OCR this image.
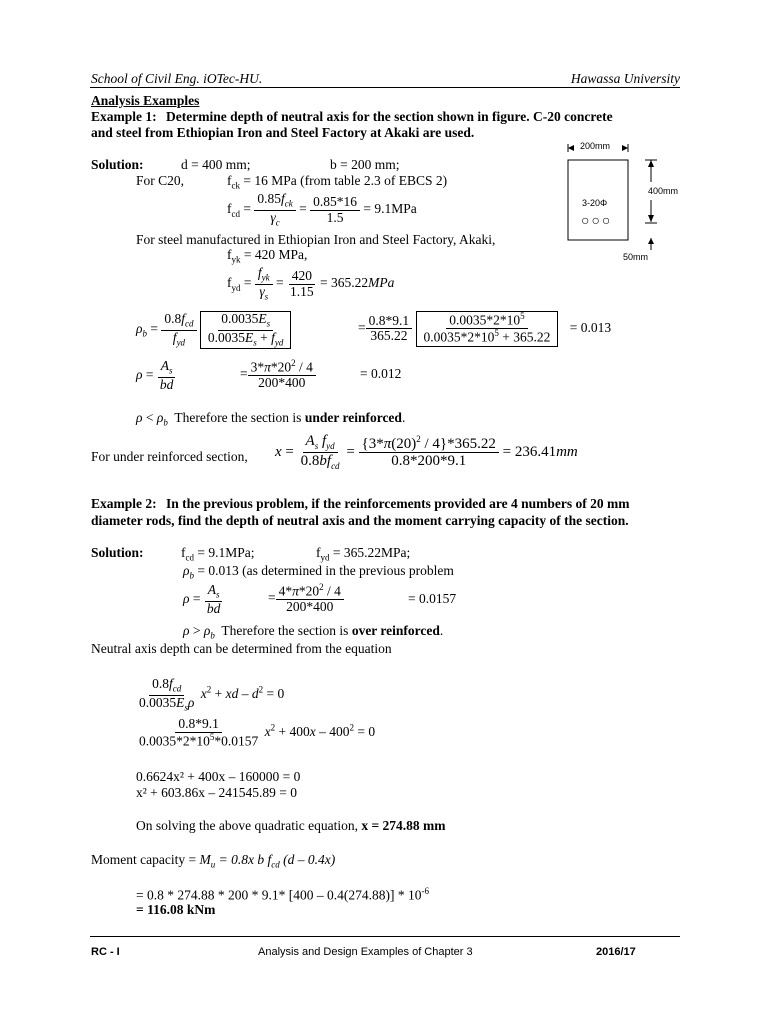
School of Civil Eng. iOTec-HU.	Hawassa University
Analysis Examples
Example 1: Determine depth of neutral axis for the section shown in figure. C-20 concrete
and steel from Ethiopian Iron and Steel Factory at Akaki are used.
200mm
400mm
3-20Φ
○○○
50mm
Solution:	d = 400 mm;	b = 200 mm;
For C20,	$f_{ck} = 16$ MPa (from table 2.3 of EBCS 2)
$f_{cd} = \frac{0.85f_{ck}}{\gamma_c} = \frac{0.85*16}{1.5} = 9.1MPa$
For steel manufactured in Ethiopian Iron and Steel Factory, Akaki,
$f_{yk} = 420$ MPa,
$f_{yd} = \frac{f_{yk}}{\gamma_s} = \frac{420}{1.15} = 365.22MPa$
$\rho_b = \frac{0.8f_{cd}}{f_{yd}}$
$\frac{0.0035E_s}{0.0035E_s + f_{yd}}$	= $\frac{0.8*9.1}{365.22}$
$\frac{0.0035*2*10^5}{0.0035*2*10^5 + 365.22} = 0.013$
$\rho = \frac{A_s}{bd}$	= $\frac{3*\pi*20^2 / 4}{200*400}$	= 0.012
$\rho < \rho_b$ Therefore the section is under reinforced.
For under reinforced section, $x = \frac{A_s f_{yd}}{0.8bf_{cd}} = \frac{\{3*\pi(20)^2 / 4\}*365.22}{0.8*200*9.1} = 236.41mm$
Example 2: In the previous problem, if the reinforcements provided are 4 numbers of 20 mm
diameter rods, find the depth of neutral axis and the moment carrying capacity of the section.
Solution:	$f_{cd} = 9.1MPa$;	$f_{yd} = 365.22MPa$;
$\rho_b = 0.013$ (as determined in the previous problem
$\rho = \frac{A_s}{bd}$	= $\frac{4*\pi*20^2 / 4}{200*400}$	= 0.0157
$\rho > \rho_b$ Therefore the section is over reinforced.
Neutral axis depth can be determined from the equation
$\frac{0.8f_{cd}}{0.0035E_s\rho} x^2$ + xd – $d^2 = 0$
$\frac{0.8*9.1}{0.0035*2*10^5*0.0157} x^2 + 400x - 400^2 = 0$
0.6624x² + 400x – 160000 = 0
x² + 603.86x – 241545.89 = 0
On solving the above quadratic equation, x = 274.88 mm
Moment capacity = $M_u = 0.8x$ b $f_{cd}$ (d – 0.4x)
= 0.8 * 274.88 * 200 * 9.1* $[400 - 0.4(274.88)] * 10^{-6}$
= 116.08 kNm
RC - I	Analysis and Design Examples of Chapter 3	2016/17
